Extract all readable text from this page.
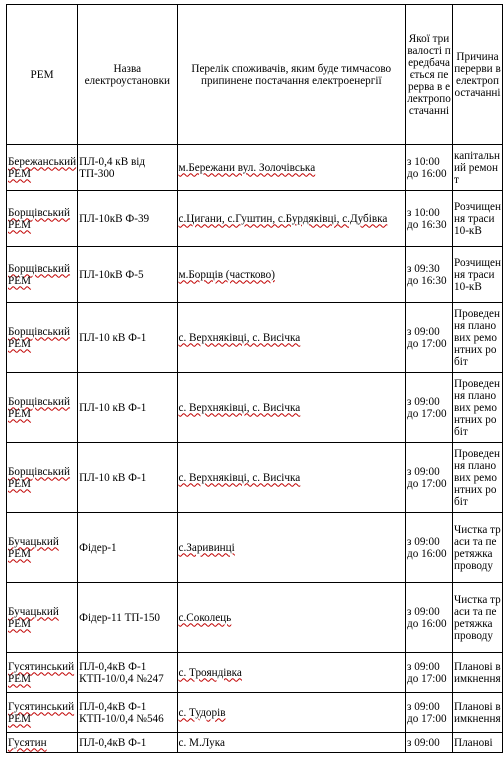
РЕМ	Назва електроустановки	Перелік споживачів, яким буде тимчасово припинене постачання електроенергії	Якої тривалості передбачається перерва в електропостачанні	Причина перерви в електропостачанні
Бережанський РЕМ	ПЛ-0,4 кВ від ТП-300	м.Бережани вул. Золочівська	з 10:00 до 16:00	капітальний ремонт
Борщівський РЕМ	ПЛ-10кВ Ф-39	с.Цигани, с.Гуштин, с.Бурдяківці, с.Дубівка	з 10:00 до 16:30	Розчищення траси 10-кВ
Борщівський РЕМ	ПЛ-10кВ Ф-5	м.Борщів (частково)	з 09:30 до 16:30	Розчищення траси 10-кВ
Борщівський РЕМ	ПЛ-10 кВ Ф-1	с. Верхняківці, с. Висічка	з 09:00 до 17:00	Проведення планових ремонтних робіт
Борщівський РЕМ	ПЛ-10 кВ Ф-1	с. Верхняківці, с. Висічка	з 09:00 до 17:00	Проведення планових ремонтних робіт
Борщівський РЕМ	ПЛ-10 кВ Ф-1	с. Верхняківці, с. Висічка	з 09:00 до 17:00	Проведення планових ремонтних робіт
Бучацький РЕМ	Фідер-1	с.Заривинці	з 09:00 до 16:00	Чистка траси та перетяжка проводу
Бучацький РЕМ	Фідер-11 ТП-150	с.Соколець	з 09:00 до 16:00	Чистка траси та перетяжка проводу
Гусятинський РЕМ	ПЛ-0,4кВ Ф-1 КТП-10/0,4 №247	с. Трояндівка	з 09:00 до 17:00	Планові вимкнення
Гусятинський РЕМ	ПЛ-0,4кВ Ф-1 КТП-10/0,4 №546	с. Тудорів	з 09:00 до 17:00	Планові вимкнення
Гусятин	ПЛ-0,4кВ Ф-1	с. М.Лука	з 09:00	Планові
